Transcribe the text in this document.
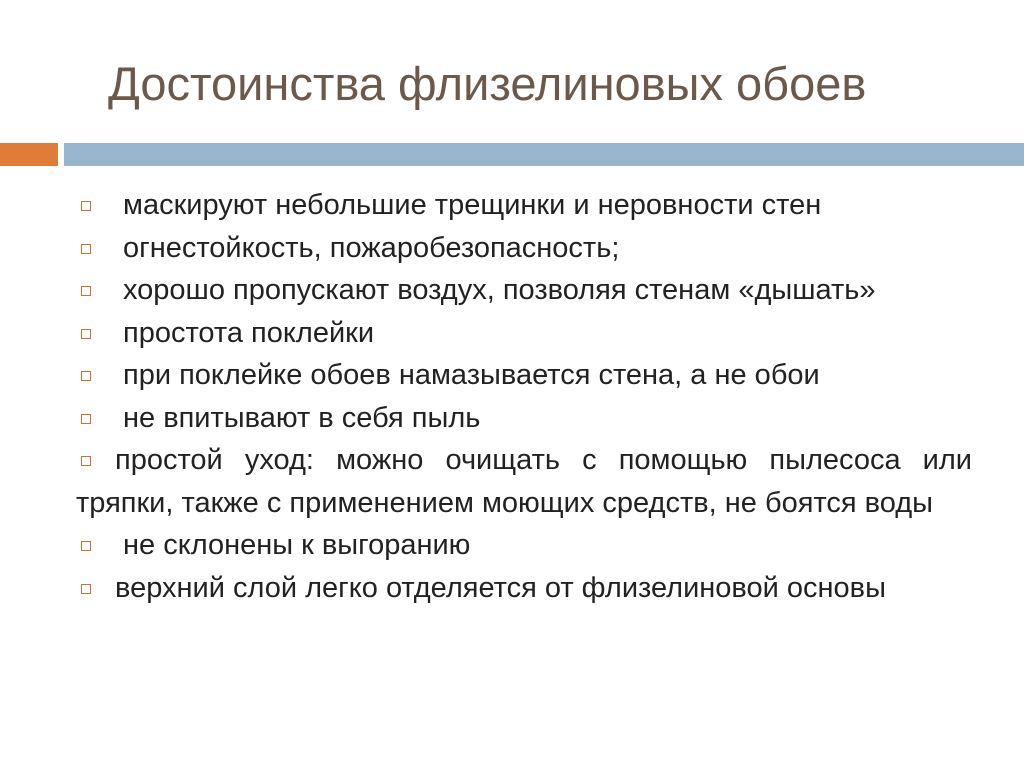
Достоинства флизелиновых обоев

маскируют небольшие трещинки и неровности стен

огнестойкость, пожаробезопасность;

хорошо пропускают воздух, позволяя стенам «дышать»

простота поклейки

при поклейке обоев намазывается стена, а не обои

не впитывают в себя пыль

простой уход: можно очищать с помощью пылесоса или тряпки, также с применением моющих средств, не боятся воды

не склонены к выгоранию

верхний слой легко отделяется от флизелиновой основы
